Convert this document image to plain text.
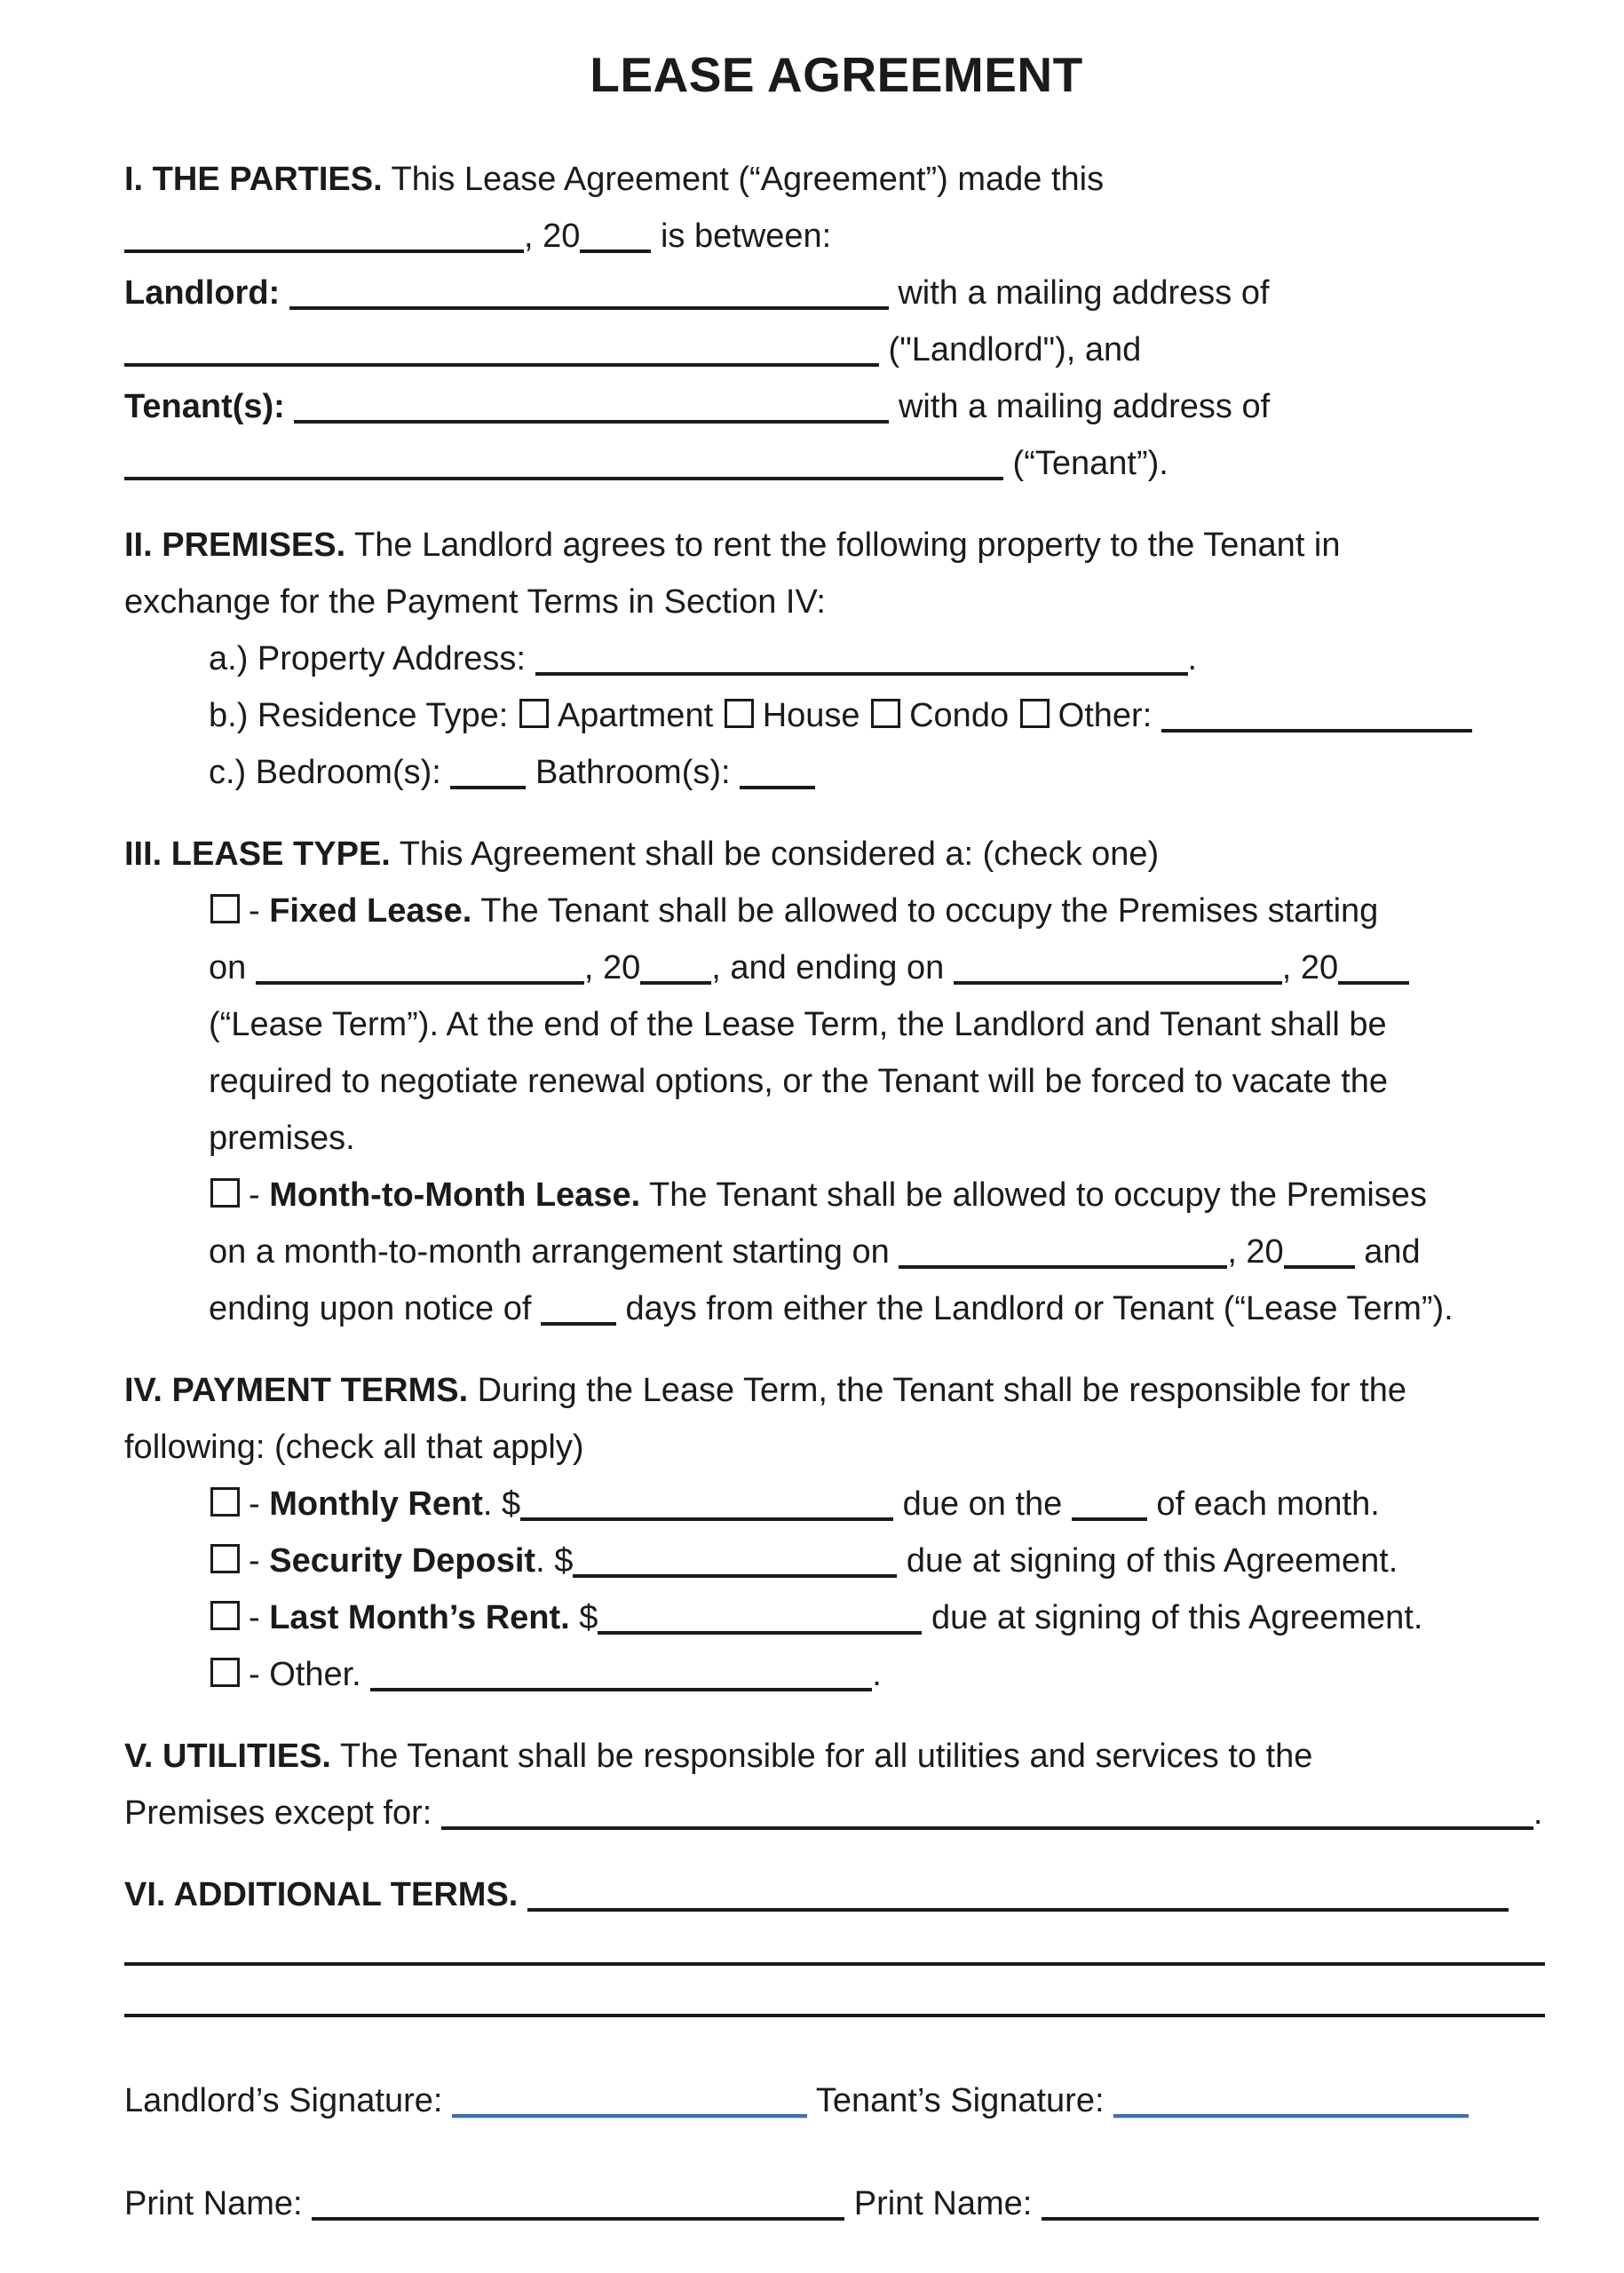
LEASE AGREEMENT
I. THE PARTIES. This Lease Agreement (“Agreement”) made this
, 20 is between:
Landlord:	with a mailing address of
("Landlord"), and
Tenant(s):	with a mailing address of
(“Tenant”).
II. PREMISES. The Landlord agrees to rent the following property to the Tenant in
exchange for the Payment Terms in Section IV:
a.) Property Address:	.
b.) Residence Type: Apartment House Condo Other:
c.) Bedroom(s):  Bathroom(s):
III. LEASE TYPE. This Agreement shall be considered a: (check one)
- Fixed Lease. The Tenant shall be allowed to occupy the Premises starting
on	, 20 , and ending on	, 20
(“Lease Term”). At the end of the Lease Term, the Landlord and Tenant shall be
required to negotiate renewal options, or the Tenant will be forced to vacate the
premises.
- Month-to-Month Lease. The Tenant shall be allowed to occupy the Premises
on a month-to-month arrangement starting on	, 20 and
ending upon notice of  days from either the Landlord or Tenant (“Lease Term”).
IV. PAYMENT TERMS. During the Lease Term, the Tenant shall be responsible for the
following: (check all that apply)
- Monthly Rent. $	due on the  of each month.
- Security Deposit. $	due at signing of this Agreement.
- Last Month’s Rent. $	due at signing of this Agreement.
- Other.	.
V. UTILITIES. The Tenant shall be responsible for all utilities and services to the
Premises except for:	.
VI. ADDITIONAL TERMS.
Landlord’s Signature:	Tenant’s Signature:
Print Name:	Print Name:
